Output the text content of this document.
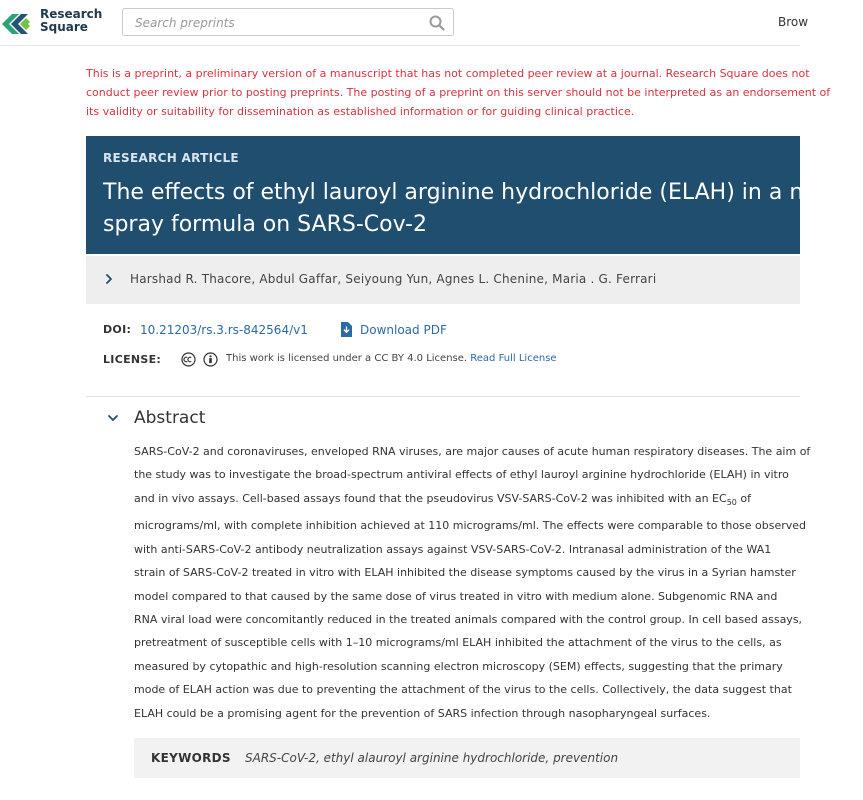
Research
Square
Search preprints	Brow
This is a preprint, a preliminary version of a manuscript that has not completed peer review at a journal. Research Square does not conduct peer review prior to posting preprints. The posting of a preprint on this server should not be interpreted as an endorsement of its validity or suitability for dissemination as established information or for guiding clinical practice.
RESEARCH ARTICLE
The effects of ethyl lauroyl arginine hydrochloride (ELAH) in a nasal spray formula on SARS-Cov-2
Harshad R. Thacore, Abdul Gaffar, Seiyoung Yun, Agnes L. Chenine, Maria . G. Ferrari
DOI: 10.21203/rs.3.rs-842564/v1	Download PDF
LICENSE:	This work is licensed under a CC BY 4.0 License. Read Full License
Abstract
SARS-CoV-2 and coronaviruses, enveloped RNA viruses, are major causes of acute human respiratory diseases. The aim of
the study was to investigate the broad-spectrum antiviral effects of ethyl lauroyl arginine hydrochloride (ELAH) in vitro
and in vivo assays. Cell-based assays found that the pseudovirus VSV-SARS-CoV-2 was inhibited with an $EC_{50}$ of
micrograms/ml, with complete inhibition achieved at 110 micrograms/ml. The effects were comparable to those observed
with anti-SARS-CoV-2 antibody neutralization assays against VSV-SARS-CoV-2. Intranasal administration of the WA1
strain of SARS-CoV-2 treated in vitro with ELAH inhibited the disease symptoms caused by the virus in a Syrian hamster
model compared to that caused by the same dose of virus treated in vitro with medium alone. Subgenomic RNA and
RNA viral load were concomitantly reduced in the treated animals compared with the control group. In cell based assays,
pretreatment of susceptible cells with 1–10 micrograms/ml ELAH inhibited the attachment of the virus to the cells, as
measured by cytopathic and high-resolution scanning electron microscopy (SEM) effects, suggesting that the primary
mode of ELAH action was due to preventing the attachment of the virus to the cells. Collectively, the data suggest that
ELAH could be a promising agent for the prevention of SARS infection through nasopharyngeal surfaces.
KEYWORDS SARS-CoV-2, ethyl alauroyl arginine hydrochloride, prevention
